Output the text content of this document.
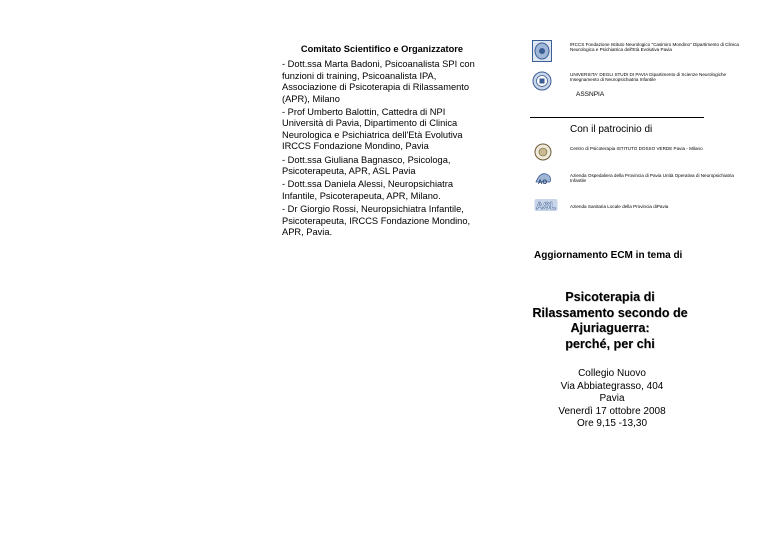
Comitato Scientifico e Organizzatore
- Dott.ssa Marta Badoni, Psicoanalista SPI con funzioni di training, Psicoanalista IPA, Associazione di Psicoterapia di Rilassamento (APR), Milano
- Prof Umberto Balottin, Cattedra di NPI Università di Pavia, Dipartimento di Clinica Neurologica e Psichiatrica dell'Età Evolutiva IRCCS Fondazione Mondino, Pavia
- Dott.ssa Giuliana Bagnasco, Psicologa, Psicoterapeuta, APR, ASL Pavia
- Dott.ssa Daniela Alessi, Neuropsichiatra Infantile, Psicoterapeuta, APR, Milano.
- Dr Giorgio Rossi, Neuropsichiatra Infantile, Psicoterapeuta, IRCCS Fondazione Mondino, APR, Pavia.
IRCCS Fondazione Istituto Neurologico "Casimiro Mondino" Dipartimento di Clinica Neurologica e Psichiatrica dell'Età Evolutiva Pavia
UNIVERSITA' DEGLI STUDI DI PAVIA Dipartimento di Scienze Neurologiche Insegnamento di Neuropsichiatria Infantile
ASSNPIA
Con il patrocinio di
Centro di Psicoterapia ISTITUTO DOSSO VERDE Pavia - Milano
AO
Azienda Ospedaliera della Provincia di Pavia Unità Operativa di Neuropsichiatria Infantile
ASL	Azienda Sanitaria Locale della Provincia diPavia
Aggiornamento ECM in tema di
Psicoterapia di
Rilassamento secondo de
Ajuriaguerra:
perché, per chi
Collegio Nuovo
Via Abbiategrasso, 404
Pavia
Venerdì 17 ottobre 2008
Ore 9,15 -13,30
